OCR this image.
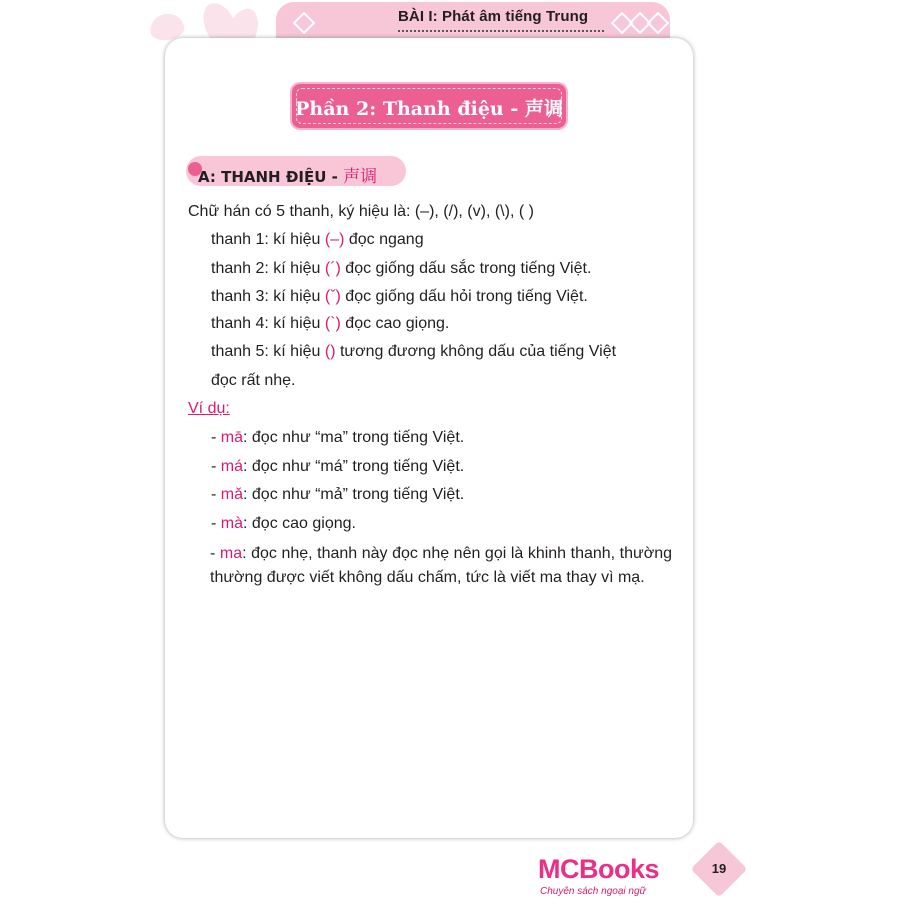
BÀI I: Phát âm tiếng Trung
Phần 2: Thanh điệu - 声调
A: THANH ĐIỆU - 声调
Chữ hán có 5 thanh, ký hiệu là: (–), (/), (v), (\), ( )
thanh 1: kí hiệu (–) đọc ngang
thanh 2: kí hiệu (´) đọc giống dấu sắc trong tiếng Việt.
thanh 3: kí hiệu (ˇ) đọc giống dấu hỏi trong tiếng Việt.
thanh 4: kí hiệu (`) đọc cao giọng.
thanh 5: kí hiệu () tương đương không dấu của tiếng Việt
đọc rất nhẹ.
Ví dụ:
- mā: đọc như “ma” trong tiếng Việt.
- má: đọc như “má” trong tiếng Việt.
- mǎ: đọc như “mả” trong tiếng Việt.
- mà: đọc cao giọng.
- ma: đọc nhẹ, thanh này đọc nhẹ nên gọi là khinh thanh, thường thường được viết không dấu chấm, tức là viết ma thay vì mạ.
MCBooks
Chuyên sách ngoại ngữ
19
